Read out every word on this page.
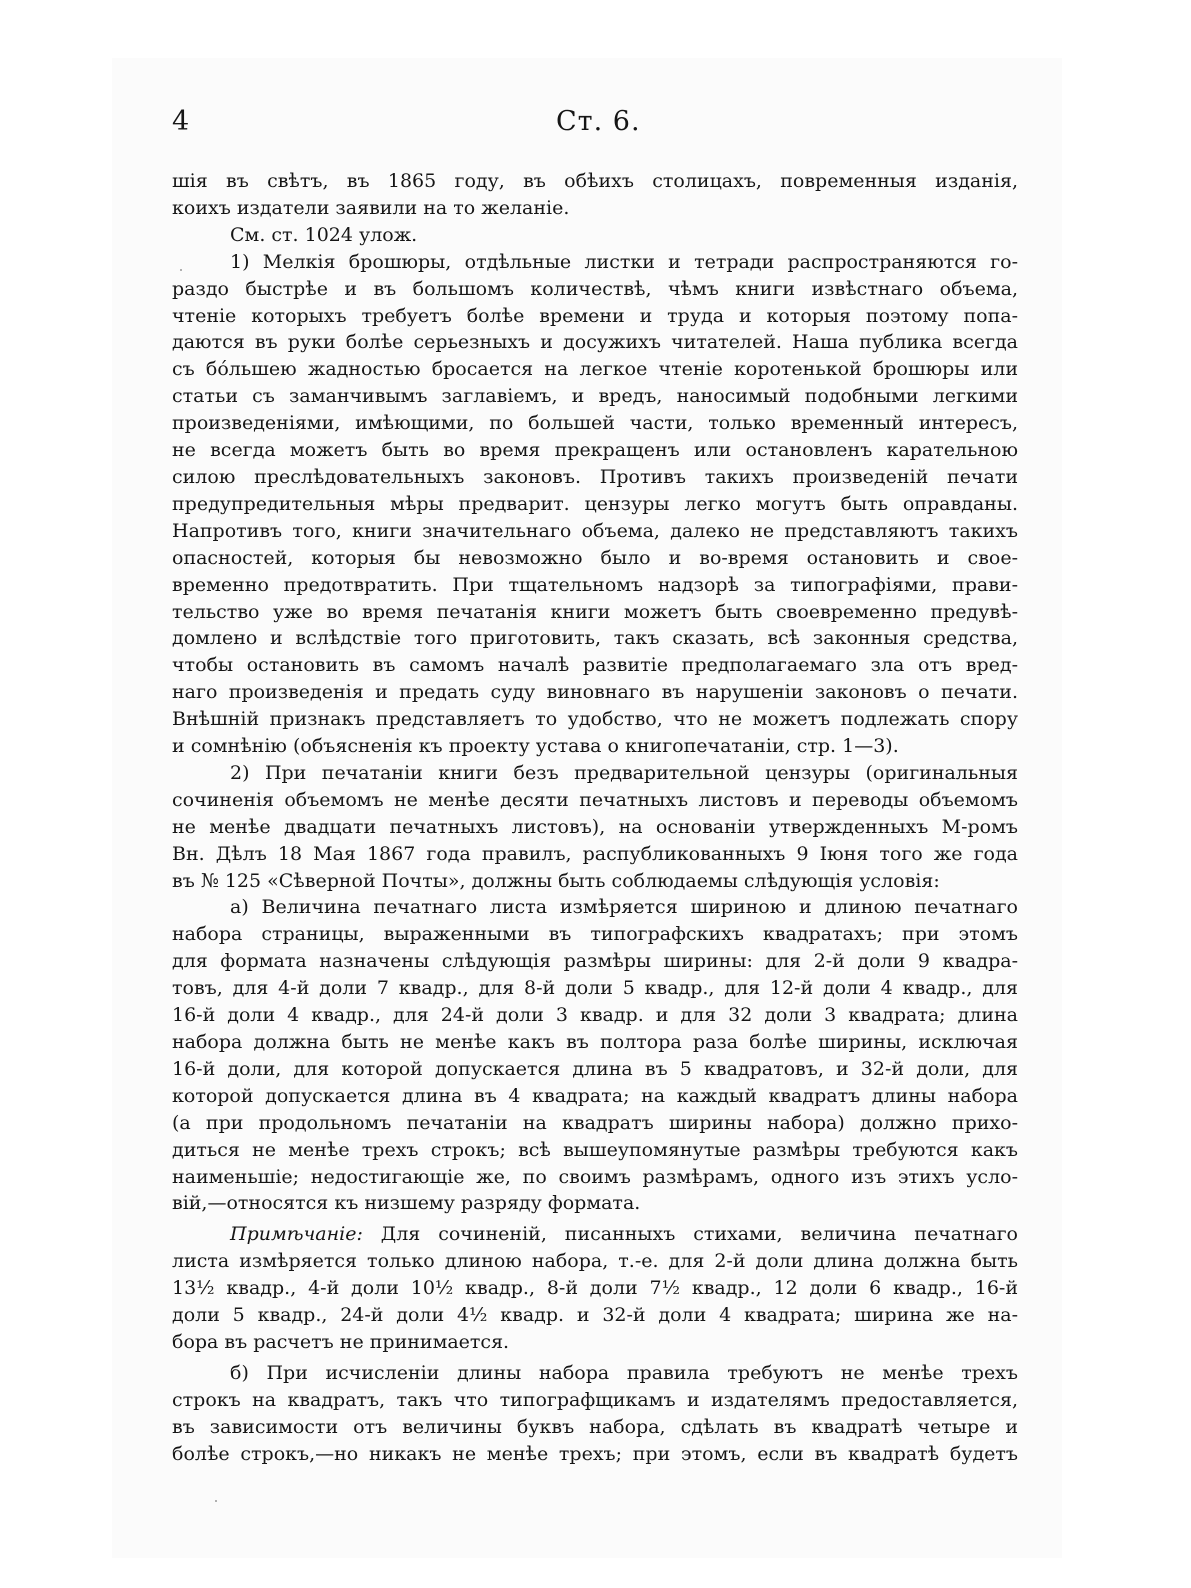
4	Ст. 6.
шія въ свѣтъ, въ 1865 году, въ обѣихъ столицахъ, повременныя изданія,
коихъ издатели заявили на то желаніе.
См. ст. 1024 улож.
1) Мелкія брошюры, отдѣльные листки и тетради распространяются го-
раздо быстрѣе и въ большомъ количествѣ, чѣмъ книги извѣстнаго объема,
чтеніе которыхъ требуетъ болѣе времени и труда и которыя поэтому попа-
даются въ руки болѣе серьезныхъ и досужихъ читателей. Наша публика всегда
съ бóльшею жадностью бросается на легкое чтеніе коротенькой брошюры или
статьи съ заманчивымъ заглавіемъ, и вредъ, наносимый подобными легкими
произведеніями, имѣющими, по большей части, только временный интересъ,
не всегда можетъ быть во время прекращенъ или остановленъ карательною
силою преслѣдовательныхъ законовъ. Противъ такихъ произведеній печати
предупредительныя мѣры предварит. цензуры легко могутъ быть оправданы.
Напротивъ того, книги значительнаго объема, далеко не представляютъ такихъ
опасностей, которыя бы невозможно было и во-время остановить и свое-
временно предотвратить. При тщательномъ надзорѣ за типографіями, прави-
тельство уже во время печатанія книги можетъ быть своевременно предувѣ-
домлено и вслѣдствіе того приготовить, такъ сказать, всѣ законныя средства,
чтобы остановить въ самомъ началѣ развитіе предполагаемаго зла отъ вред-
наго произведенія и предать суду виновнаго въ нарушеніи законовъ о печати.
Внѣшній признакъ представляетъ то удобство, что не можетъ подлежать спору
и сомнѣнію (объясненія къ проекту устава о книгопечатаніи, стр. 1—3).
2) При печатаніи книги безъ предварительной цензуры (оригинальныя
сочиненія объемомъ не менѣе десяти печатныхъ листовъ и переводы объемомъ
не менѣе двадцати печатныхъ листовъ), на основаніи утвержденныхъ М-ромъ
Вн. Дѣлъ 18 Мая 1867 года правилъ, распубликованныхъ 9 Іюня того же года
въ № 125 «Сѣверной Почты», должны быть соблюдаемы слѣдующія условія:
а) Величина печатнаго листа измѣряется шириною и длиною печатнаго
набора страницы, выраженными въ типографскихъ квадратахъ; при этомъ
для формата назначены слѣдующія размѣры ширины: для 2-й доли 9 квадра-
товъ, для 4-й доли 7 квадр., для 8-й доли 5 квадр., для 12-й доли 4 квадр., для
16-й доли 4 квадр., для 24-й доли 3 квадр. и для 32 доли 3 квадрата; длина
набора должна быть не менѣе какъ въ полтора раза болѣе ширины, исключая
16-й доли, для которой допускается длина въ 5 квадратовъ, и 32-й доли, для
которой допускается длина въ 4 квадрата; на каждый квадратъ длины набора
(а при продольномъ печатаніи на квадратъ ширины набора) должно прихо-
диться не менѣе трехъ строкъ; всѣ вышеупомянутые размѣры требуются какъ
наименьшіе; недостигающіе же, по своимъ размѣрамъ, одного изъ этихъ усло-
вій,—относятся къ низшему разряду формата.
Примѣчаніе: Для сочиненій, писанныхъ стихами, величина печатнаго
листа измѣряется только длиною набора, т.-е. для 2-й доли длина должна быть
13½ квадр., 4-й доли 10½ квадр., 8-й доли 7½ квадр., 12 доли 6 квадр., 16-й
доли 5 квадр., 24-й доли 4½ квадр. и 32-й доли 4 квадрата; ширина же на-
бора въ расчетъ не принимается.
б) При исчисленіи длины набора правила требуютъ не менѣе трехъ
строкъ на квадратъ, такъ что типографщикамъ и издателямъ предоставляется,
въ зависимости отъ величины буквъ набора, сдѣлать въ квадратѣ четыре и
болѣе строкъ,—но никакъ не менѣе трехъ; при этомъ, если въ квадратѣ будетъ
